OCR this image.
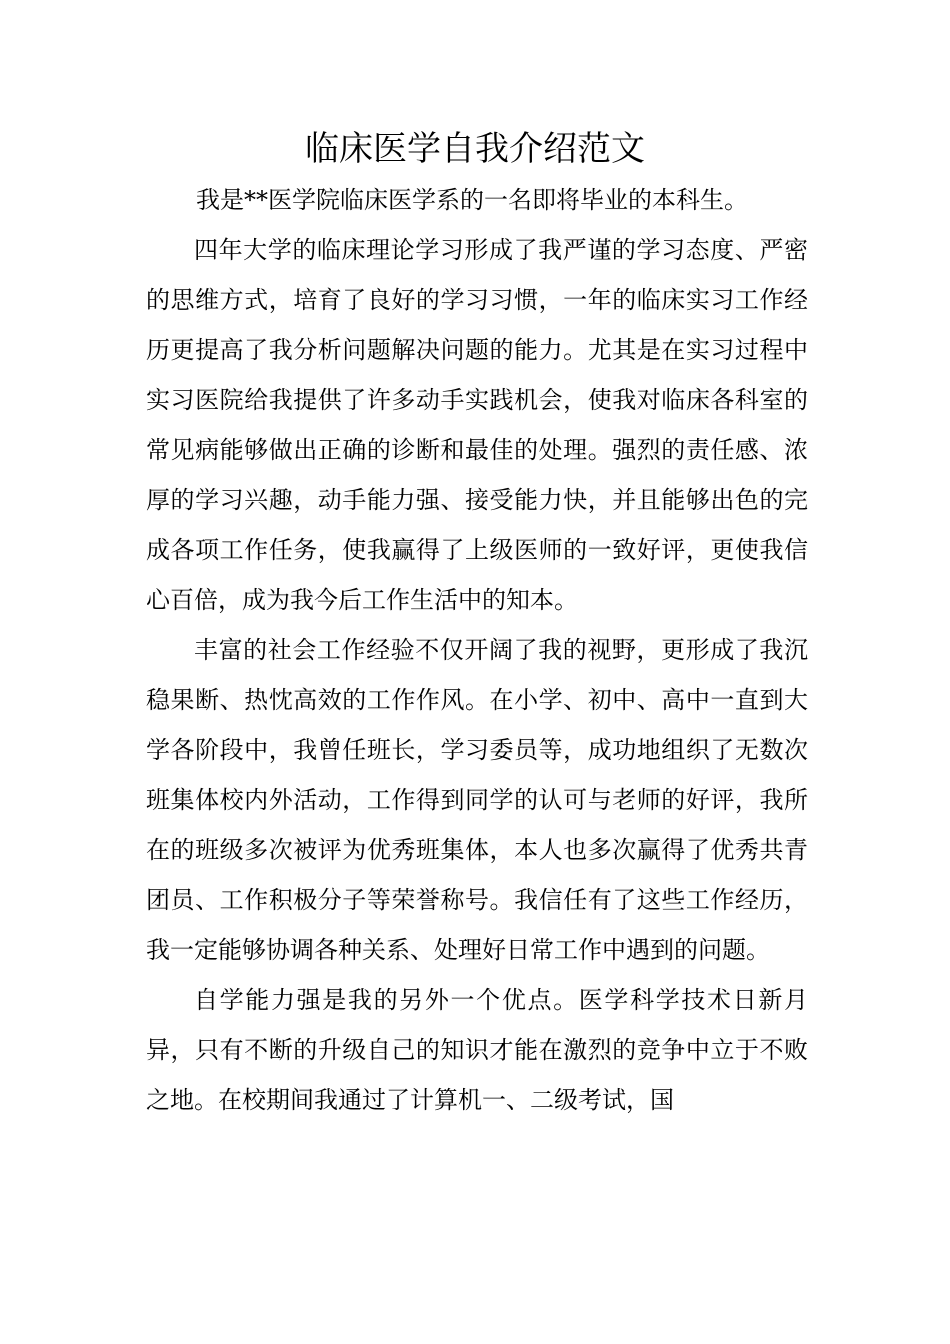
临床医学自我介绍范文

我是**医学院临床医学系的一名即将毕业的本科生。

四年大学的临床理论学习形成了我严谨的学习态度、严密的思维方式，培育了良好的学习习惯，一年的临床实习工作经历更提高了我分析问题解决问题的能力。尤其是在实习过程中实习医院给我提供了许多动手实践机会，使我对临床各科室的常见病能够做出正确的诊断和最佳的处理。强烈的责任感、浓厚的学习兴趣，动手能力强、接受能力快，并且能够出色的完成各项工作任务，使我赢得了上级医师的一致好评，更使我信心百倍，成为我今后工作生活中的知本。

丰富的社会工作经验不仅开阔了我的视野，更形成了我沉稳果断、热忱高效的工作作风。在小学、初中、高中一直到大学各阶段中，我曾任班长，学习委员等，成功地组织了无数次班集体校内外活动，工作得到同学的认可与老师的好评，我所在的班级多次被评为优秀班集体，本人也多次赢得了优秀共青团员、工作积极分子等荣誉称号。我信任有了这些工作经历，我一定能够协调各种关系、处理好日常工作中遇到的问题。

自学能力强是我的另外一个优点。医学科学技术日新月异，只有不断的升级自己的知识才能在激烈的竞争中立于不败之地。在校期间我通过了计算机一、二级考试，国
